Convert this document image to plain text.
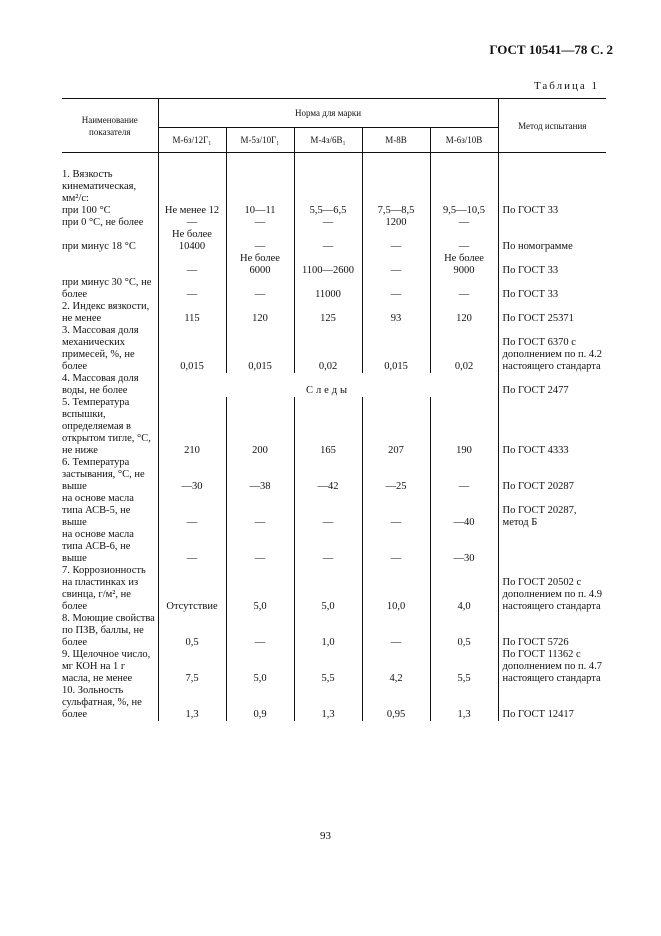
ГОСТ 10541—78 С. 2
Таблица 1
Наименование показателя	Норма для марки					Метод испытания
	М-6з/12Г₁	М-5з/10Г₁	М-4з/6В₁	М-8В	М-6з/10В	

1. Вязкость кинематическая, мм²/с:						
при 100 °С	Не менее 12	10—11	5,5—6,5	7,5—8,5	9,5—10,5	По ГОСТ 33
при 0 °С, не более	—	—	—	1200	—	
при минус 18 °С	Не более 10400	—	—	—	—	По номограмме
	—	Не более 6000	1100—2600	—	Не более 9000	По ГОСТ 33
при минус 30 °С, не более	—	—	11000	—	—	По ГОСТ 33
2. Индекс вязкости, не менее	115	120	125	93	120	По ГОСТ 25371
3. Массовая доля механических примесей, %, не более	0,015	0,015	0,02	0,015	0,02	По ГОСТ 6370 с дополнением по п. 4.2 настоящего стандарта
4. Массовая доля воды, не более	Следы					По ГОСТ 2477
5. Температура вспышки, определяемая в открытом тигле, °С, не ниже	210	200	165	207	190	По ГОСТ 4333
6. Температура застывания, °С, не выше	—30	—38	—42	—25	—	По ГОСТ 20287
на основе масла типа АСВ-5, не выше	—	—	—	—	—40	По ГОСТ 20287, метод Б
на основе масла типа АСВ-6, не выше	—	—	—	—	—30	
7. Коррозионность на пластинках из свинца, г/м², не более	Отсутствие	5,0	5,0	10,0	4,0	По ГОСТ 20502 с дополнением по п. 4.9 настоящего стандарта
8. Моющие свойства по ПЗВ, баллы, не более	0,5	—	1,0	—	0,5	По ГОСТ 5726
9. Щелочное число, мг КОН на 1 г масла, не менее	7,5	5,0	5,5	4,2	5,5	По ГОСТ 11362 с дополнением по п. 4.7 настоящего стандарта
10. Зольность сульфатная, %, не более	1,3	0,9	1,3	0,95	1,3	По ГОСТ 12417
93
